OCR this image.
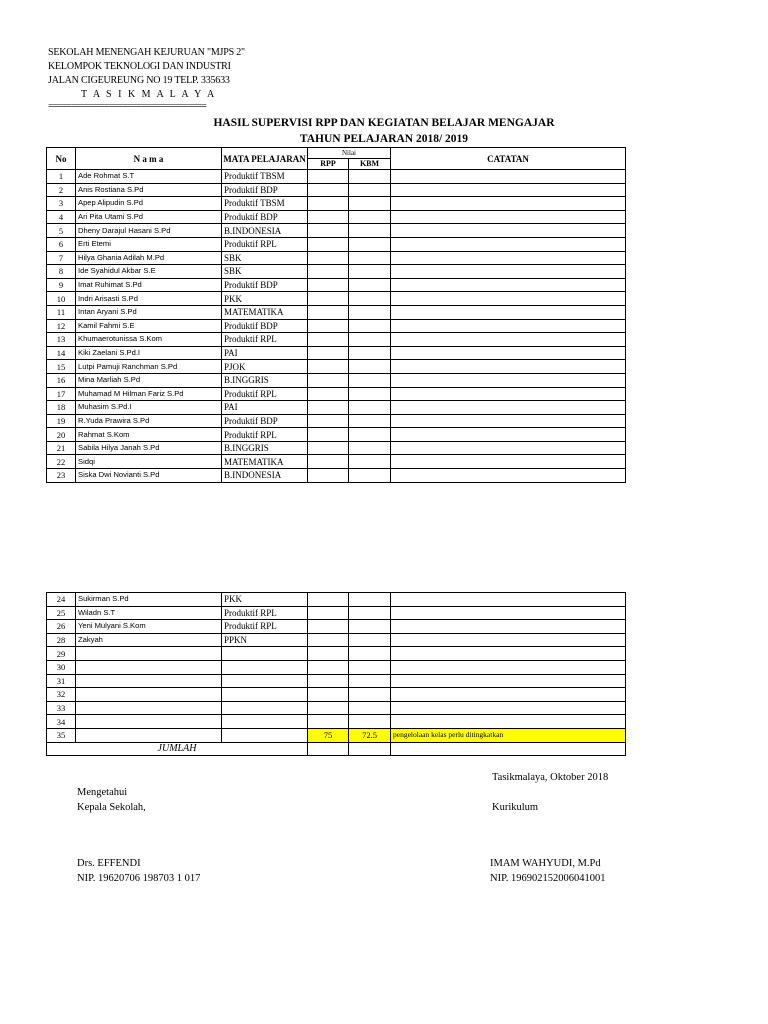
SEKOLAH MENENGAH KEJURUAN "MJPS 2"
KELOMPOK TEKNOLOGI DAN INDUSTRI
JALAN CIGEUREUNG NO 19 TELP. 335633
T A S I K M A L A Y A
==================================
HASIL SUPERVISI RPP DAN KEGIATAN BELAJAR MENGAJAR
TAHUN PELAJARAN 2018/ 2019
No	N a m a	MATA PELAJARAN	Nilai		CATATAN
			RPP	KBM	
1	Ade Rohmat S.T	Produktif TBSM			
2	Anis Rostiana S.Pd	Produktif BDP			
3	Apep Alipudin S.Pd	Produktif TBSM			
4	Ari Pita Utami S.Pd	Produktif BDP			
5	Dheny Darajul Hasani S.Pd	B.INDONESIA			
6	Erti Etemi	Produktif RPL			
7	Hilya Ghania Adilah M.Pd	SBK			
8	Ide Syahidul Akbar S.E	SBK			
9	Imat Ruhimat S.Pd	Produktif BDP			
10	Indri Arisasti S.Pd	PKK			
11	Intan Aryani S.Pd	MATEMATIKA			
12	Kamil Fahmi S.E	Produktif BDP			
13	Khumaerotunissa S.Kom	Produktif RPL			
14	Kiki Zaelani S.Pd.I	PAI			
15	Lutpi Pamuji Ranchman S.Pd	PJOK			
16	Mina Marliah S.Pd	B.INGGRIS			
17	Muhamad M Hilman Fariz S.Pd	Produktif RPL			
18	Muhasim S.Pd.I	PAI			
19	R.Yuda Prawira S.Pd	Produktif BDP			
20	Rahmat S.Kom	Produktif RPL			
21	Sabila Hilya Janah S.Pd	B.INGGRIS			
22	Sidqi	MATEMATIKA			
23	Siska Dwi Novianti S.Pd	B.INDONESIA			
24	Sukirman S.Pd	PKK			
25	Wiladn S.T	Produktif RPL			
26	Yeni Mulyani S.Kom	Produktif RPL			
28	Zakyah	PPKN			
29					
30					
31					
32					
33					
34					
35			75	72.5	pengelolaan kelas perlu ditingkatkan
JUMLAH					
Tasikmalaya, Oktober 2018
Mengetahui
Kepala Sekolah,	Kurikulum
Drs. EFFENDI
NIP. 19620706 198703 1 017
IMAM WAHYUDI, M.Pd
NIP. 196902152006041001
